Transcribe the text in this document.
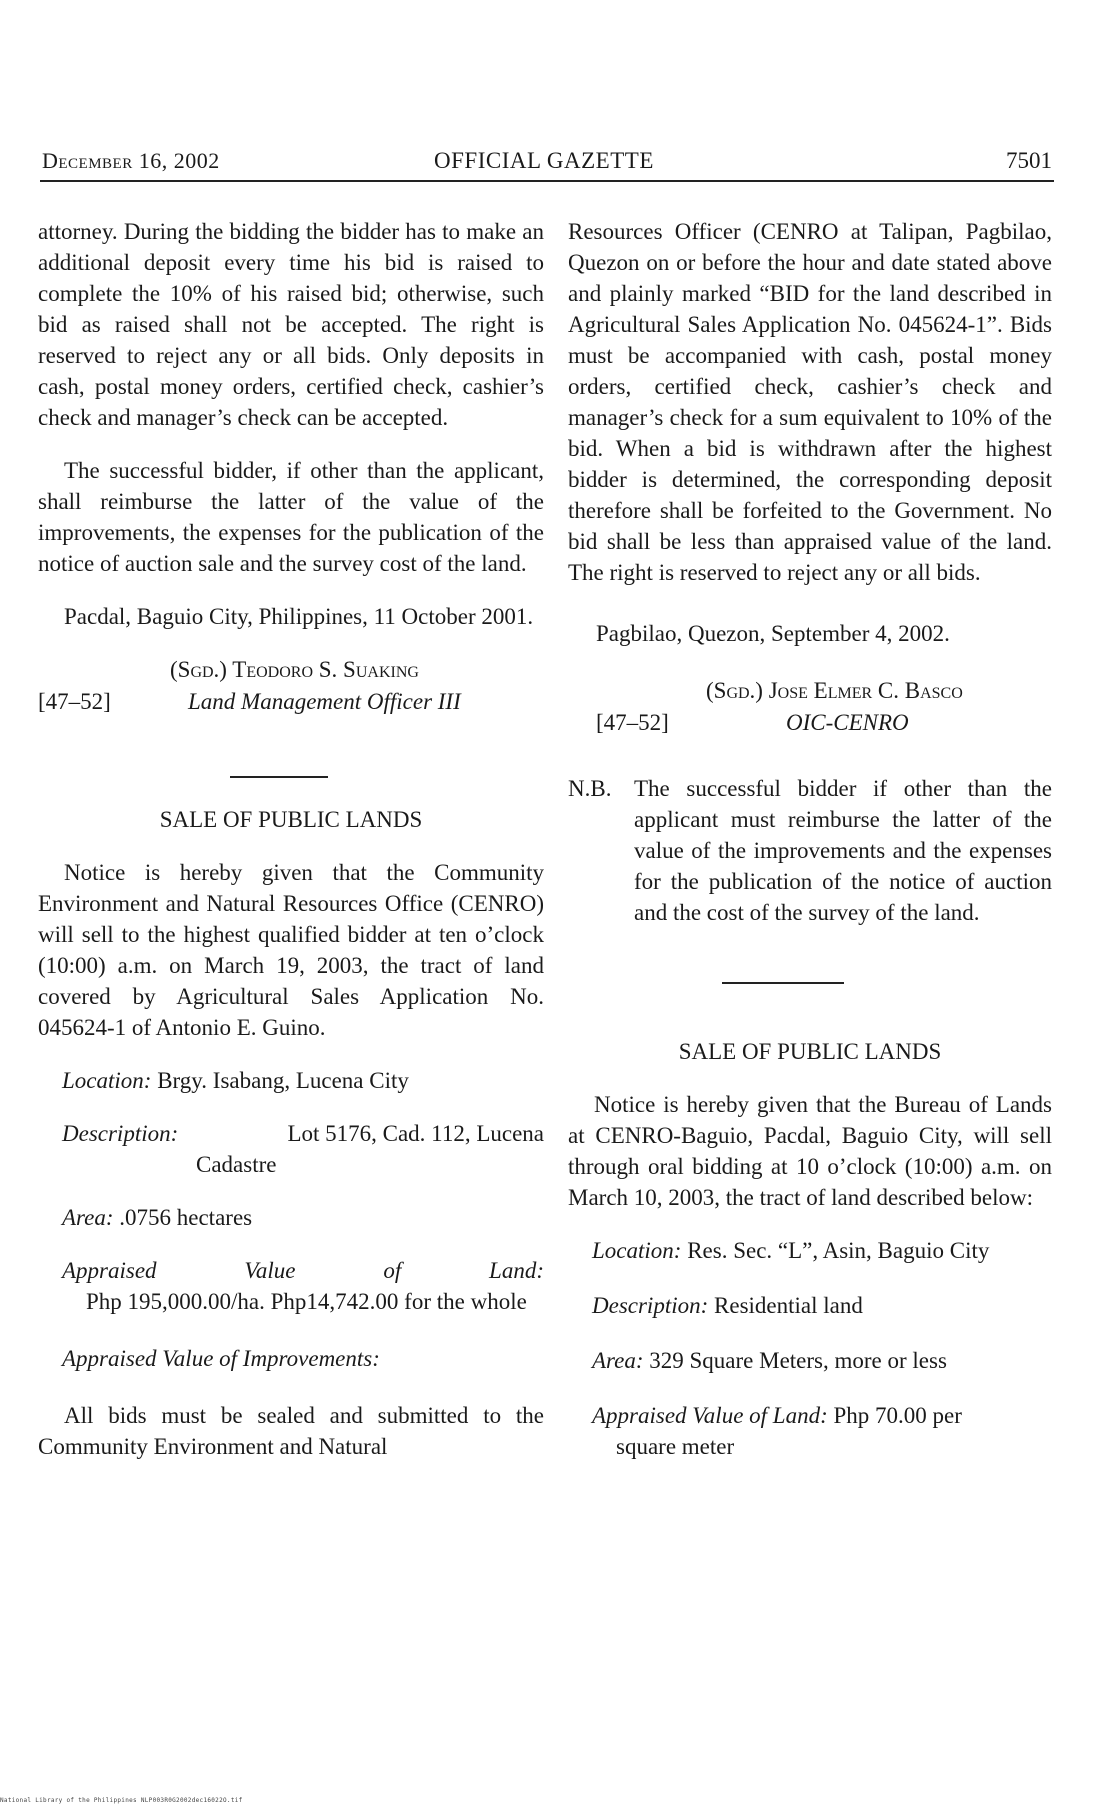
December 16, 2002	OFFICIAL GAZETTE	7501

attorney. During the bidding the bidder has to make an additional deposit every time his bid is raised to complete the 10% of his raised bid; otherwise, such bid as raised shall not be accepted. The right is reserved to reject any or all bids. Only deposits in cash, postal money orders, certified check, cashier’s check and manager’s check can be accepted.

The successful bidder, if other than the applicant, shall reimburse the latter of the value of the improvements, the expenses for the publication of the notice of auction sale and the survey cost of the land.

Pacdal, Baguio City, Philippines, 11 October 2001.

(Sgd.) Teodoro S. Suaking
[47–52]	Land Management Officer III

SALE OF PUBLIC LANDS

Notice is hereby given that the Community Environment and Natural Resources Office (CENRO) will sell to the highest qualified bidder at ten o’clock (10:00) a.m. on March 19, 2003, the tract of land covered by Agricultural Sales Application No. 045624-1 of Antonio E. Guino.

Location: Brgy. Isabang, Lucena City
Description:	Lot 5176, Cad. 112, Lucena
Cadastre
Area: .0756 hectares
Appraised	Value	of	Land:
Php 195,000.00/ha. Php14,742.00 for the whole

Appraised Value of Improvements:

All bids must be sealed and submitted to the Community Environment and Natural

Resources Officer (CENRO at Talipan, Pagbilao, Quezon on or before the hour and date stated above and plainly marked “BID for the land described in Agricultural Sales Application No. 045624-1”. Bids must be accompanied with cash, postal money orders, certified check, cashier’s check and manager’s check for a sum equivalent to 10% of the bid. When a bid is withdrawn after the highest bidder is determined, the corresponding deposit therefore shall be forfeited to the Government. No bid shall be less than appraised value of the land. The right is reserved to reject any or all bids.

Pagbilao, Quezon, September 4, 2002.

(Sgd.) Jose Elmer C. Basco
[47–52]	OIC-CENRO
N.B. The successful bidder if other than the applicant must reimburse the latter of the value of the improvements and the expenses for the publication of the notice of auction and the cost of the survey of the land.

SALE OF PUBLIC LANDS

Notice is hereby given that the Bureau of Lands at CENRO-Baguio, Pacdal, Baguio City, will sell through oral bidding at 10 o’clock (10:00) a.m. on March 10, 2003, the tract of land described below:

Location: Res. Sec. “L”, Asin, Baguio City
Description: Residential land
Area: 329 Square Meters, more or less
Appraised Value of Land: Php 70.00 per
square meter
National Library of the Philippines NLP003R0G2002dec16022O.tif
